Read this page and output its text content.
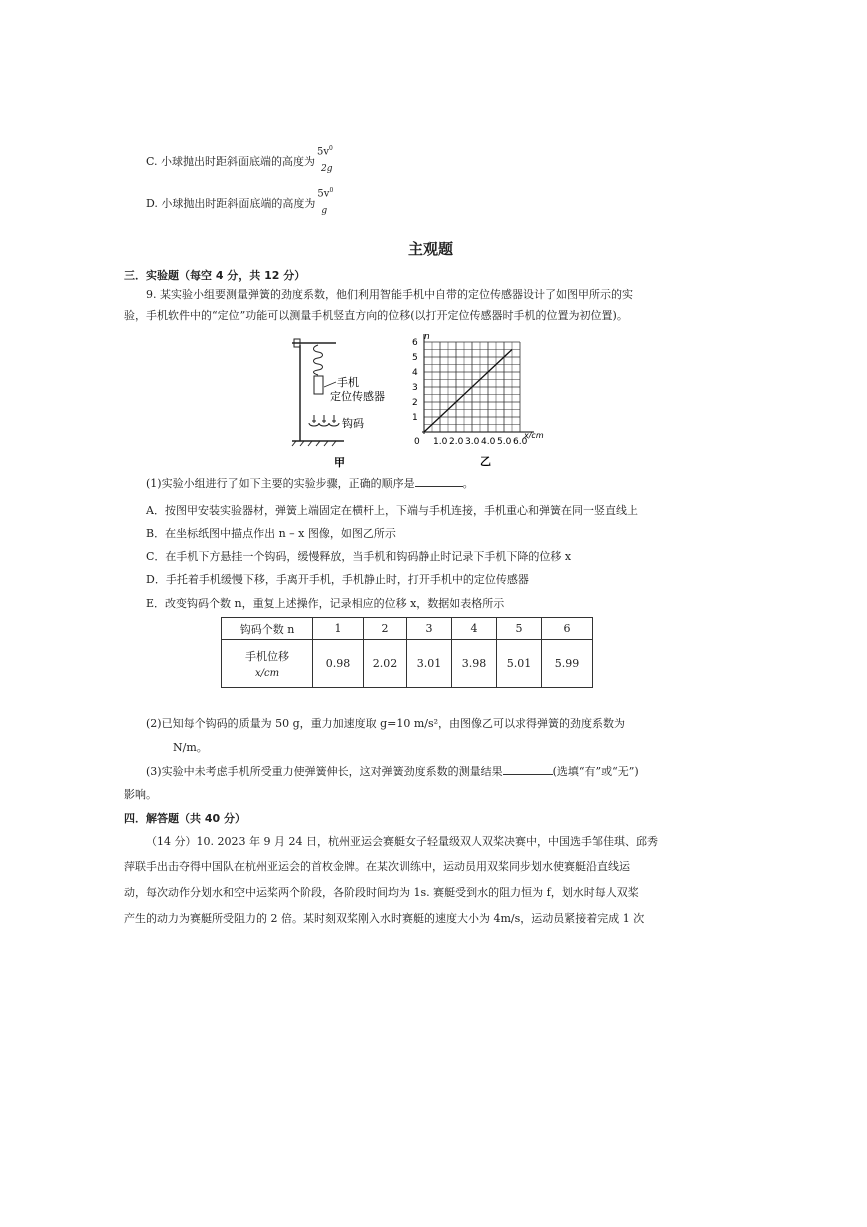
C. 小球抛出时距斜面底端的高度为
$5v_0$
2g
D. 小球抛出时距斜面底端的高度为
$5v_0$
g
主观题
三．实验题（每空 4 分，共 12 分）
9. 某实验小组要测量弹簧的劲度系数，他们利用智能手机中自带的定位传感器设计了如图甲所示的实
验，手机软件中的“定位”功能可以测量手机竖直方向的位移(以打开定位传感器时手机的位置为初位置)。
手机
定位传感器
钩码
甲
1
2
3
4
5
6
0 1.0 2.0 3.0 4.0 5.0 6.0
n
x/cm
乙
(1)实验小组进行了如下主要的实验步骤，正确的顺序是	。
A．按图甲安装实验器材，弹簧上端固定在横杆上，下端与手机连接，手机重心和弹簧在同一竖直线上
B．在坐标纸图中描点作出 n – x 图像，如图乙所示
C．在手机下方悬挂一个钩码，缓慢释放，当手机和钩码静止时记录下手机下降的位移 x
D．手托着手机缓慢下移，手离开手机，手机静止时，打开手机中的定位传感器
E．改变钩码个数 n，重复上述操作，记录相应的位移 x，数据如表格所示
钩码个数 n	1	2	3	4	5	6

手机位移
x/cm	0.98	2.02	3.01	3.98	5.01	5.99
(2)已知每个钩码的质量为 50 g，重力加速度取 g=10 m/s²，由图像乙可以求得弹簧的劲度系数为
N/m。
(3)实验中未考虑手机所受重力使弹簧伸长，这对弹簧劲度系数的测量结果	(选填“有”或“无”)
影响。
四．解答题（共 40 分）
（14 分）10. 2023 年 9 月 24 日，杭州亚运会赛艇女子轻量级双人双桨决赛中，中国选手邹佳琪、邱秀
萍联手出击夺得中国队在杭州亚运会的首枚金牌。在某次训练中，运动员用双桨同步划水使赛艇沿直线运
动，每次动作分划水和空中运桨两个阶段，各阶段时间均为 1s. 赛艇受到水的阻力恒为 f，划水时每人双桨
产生的动力为赛艇所受阻力的 2 倍。某时刻双桨刚入水时赛艇的速度大小为 4m/s，运动员紧接着完成 1 次
